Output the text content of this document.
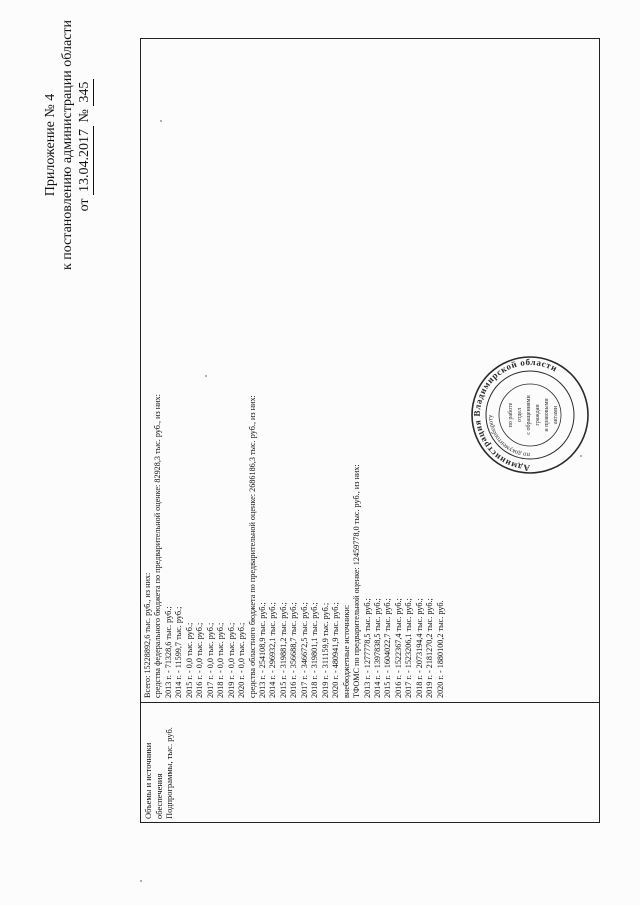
Приложение № 4 к постановлению администрации области от 13.04.2017 № 345
Объемы и источники обеспечения Подпрограммы, тыс. руб.
Всего: 15228892,6 тыс. руб., из них: средства федерального бюджета по предварительной оценке: 82928,3 тыс. руб., из них: 2013 г. - 71328,6 тыс. руб.; 2014 г. - 11599,7 тыс. руб.; 2015 г. - 0,0 тыс. руб.; 2016 г. - 0,0 тыс. руб.; 2017 г. - 0,0 тыс. руб.; 2018 г. - 0,0 тыс. руб.; 2019 г. - 0,0 тыс. руб.; 2020 г. - 0,0 тыс. руб.; средства областного бюджета по предварительной оценке: 2686186,3 тыс. руб., из них: 2013 г. - 254108,9 тыс. руб.; 2014 г. - 296932,1 тыс. руб.; 2015 г. - 319881,2 тыс. руб.; 2016 г. - 356688,7 тыс. руб.; 2017 г. - 346672,5 тыс. руб.; 2018 г. - 319801,1 тыс. руб.; 2019 г. - 311159,9 тыс. руб.; 2020 г. - 480941,9 тыс. руб.; внебюджетные источники: ТФОМС по предварительной оценке: 12459778,0 тыс. руб., из них: 2013 г. - 1277778,5 тыс. руб.; 2014 г. - 1397838,5 тыс. руб.; 2015 г. - 1604022,7 тыс. руб.; 2016 г. - 1522367,4 тыс. руб.; 2017 г. - 1523206,1 тыс. руб.; 2018 г. - 2073194,4 тыс. руб.; 2019 г. - 2181270,2 тыс. руб.; 2020 г. - 1880100,2 тыс. руб.
Администрация Владимирской области
по документообороту	по работе отдел с обращениями граждан и правовыми актами
